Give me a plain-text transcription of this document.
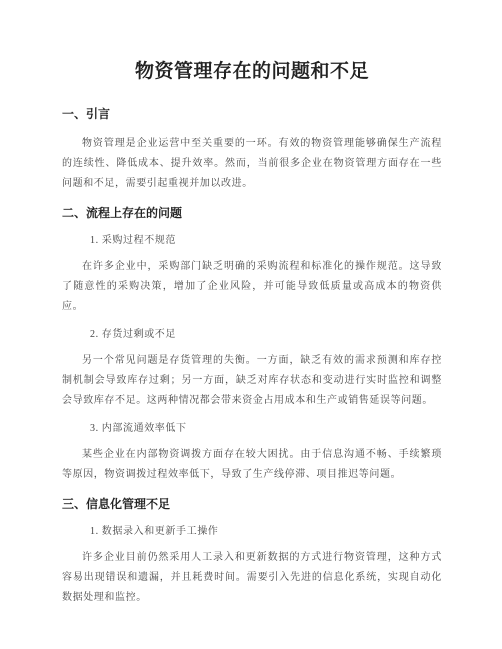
物资管理存在的问题和不足
一、引言

物资管理是企业运营中至关重要的一环。有效的物资管理能够确保生产流程的连续性、降低成本、提升效率。然而，当前很多企业在物资管理方面存在一些问题和不足，需要引起重视并加以改进。

二、流程上存在的问题
1. 采购过程不规范

在许多企业中，采购部门缺乏明确的采购流程和标准化的操作规范。这导致了随意性的采购决策，增加了企业风险，并可能导致低质量或高成本的物资供应。

2. 存货过剩或不足

另一个常见问题是存货管理的失衡。一方面，缺乏有效的需求预测和库存控制机制会导致库存过剩；另一方面，缺乏对库存状态和变动进行实时监控和调整会导致库存不足。这两种情况都会带来资金占用成本和生产或销售延误等问题。

3. 内部流通效率低下

某些企业在内部物资调拨方面存在较大困扰。由于信息沟通不畅、手续繁琐等原因，物资调拨过程效率低下，导致了生产线停滞、项目推迟等问题。

三、信息化管理不足
1. 数据录入和更新手工操作

许多企业目前仍然采用人工录入和更新数据的方式进行物资管理，这种方式容易出现错误和遗漏，并且耗费时间。需要引入先进的信息化系统，实现自动化数据处理和监控。
